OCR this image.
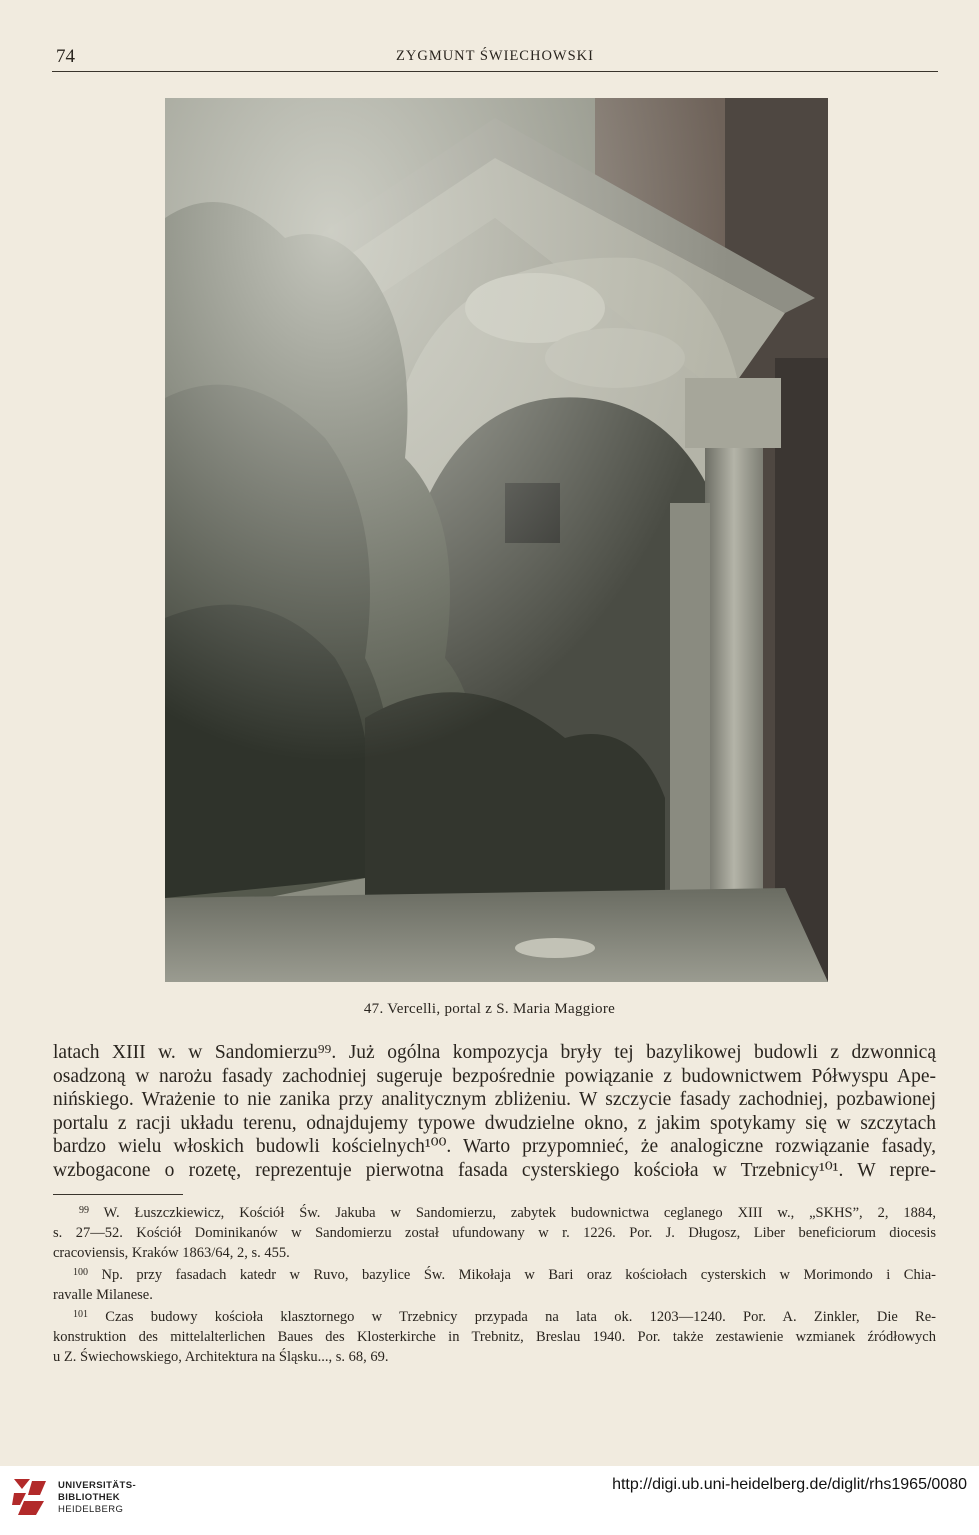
74	ZYGMUNT ŚWIECHOWSKI
47. Vercelli, portal z S. Maria Maggiore
latach XIII w. w Sandomierzu⁹⁹. Już ogólna kompozycja bryły tej bazylikowej budowli z dzwonnicą
osadzoną w narożu fasady zachodniej sugeruje bezpośrednie powiązanie z budownictwem Półwyspu Ape-
nińskiego. Wrażenie to nie zanika przy analitycznym zbliżeniu. W szczycie fasady zachodniej, pozbawionej
portalu z racji układu terenu, odnajdujemy typowe dwudzielne okno, z jakim spotykamy się w szczytach
bardzo wielu włoskich budowli kościelnych¹⁰⁰. Warto przypomnieć, że analogiczne rozwiązanie fasady,
wzbogacone o rozetę, reprezentuje pierwotna fasada cysterskiego kościoła w Trzebnicy¹⁰¹. W repre-
$^{99}$ W. Łuszczkiewicz, Kościół Św. Jakuba w Sandomierzu, zabytek budownictwa ceglanego XIII w., „SKHS”, 2, 1884,
s. 27—52. Kościół Dominikanów w Sandomierzu został ufundowany w r. 1226. Por. J. Długosz, Liber beneficiorum diocesis
cracoviensis, Kraków 1863/64, 2, s. 455.
$^{100}$ Np. przy fasadach katedr w Ruvo, bazylice Św. Mikołaja w Bari oraz kościołach cysterskich w Morimondo i Chia-
ravalle Milanese.
$^{101}$ Czas budowy kościoła klasztornego w Trzebnicy przypada na lata ok. 1203—1240. Por. A. Zinkler, Die Re-
konstruktion des mittelalterlichen Baues des Klosterkirche in Trebnitz, Breslau 1940. Por. także zestawienie wzmianek źródłowych
u Z. Świechowskiego, Architektura na Śląsku..., s. 68, 69.
UNIVERSITÄTS-
BIBLIOTHEK
HEIDELBERG
http://digi.ub.uni-heidelberg.de/diglit/rhs1965/0080
